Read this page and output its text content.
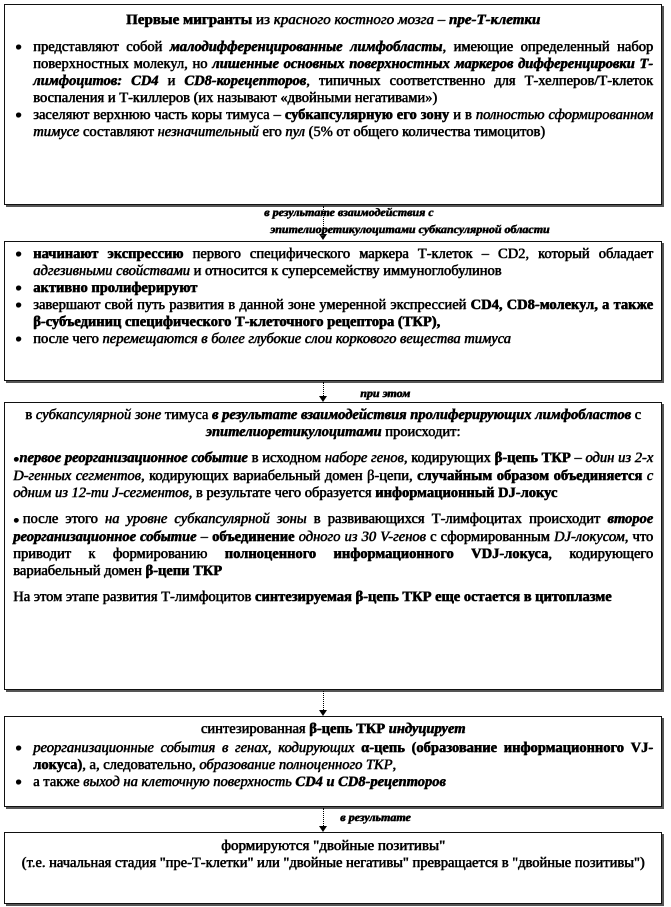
Первые мигранты из красного костного мозга – пре-Т-клетки
● представляют собой малодифференцированные лимфобласты, имеющие определенный набор поверхностных молекул, но лишенные основных поверхностных маркеров дифференцировки Т-лимфоцитов: CD4 и CD8-корецепторов, типичных соответственно для Т-хелперов/Т-клеток воспаления и Т-киллеров (их называют «двойными негативами»)
● заселяют верхнюю часть коры тимуса – субкапсулярную его зону и в полностью сформированном тимусе составляют незначительный его пул (5% от общего количества тимоцитов)
в результате взаимодействия с
эпителиоретикулоцитами субкапсулярной области
● начинают экспрессию первого специфического маркера Т-клеток – CD2, который обладает адгезивными свойствами и относится к суперсемейству иммуноглобулинов
● активно пролиферируют
● завершают свой путь развития в данной зоне умеренной экспрессией CD4, CD8-молекул, а также β-субъединиц специфического Т-клеточного рецептора (ТКР),
● после чего перемещаются в более глубокие слои коркового вещества тимуса
при этом

в субкапсулярной зоне тимуса в результате взаимодействия пролиферирующих лимфобластов с эпителиоретикулоцитами происходит:

●первое реорганизационное событие в исходном наборе генов, кодирующих β-цепь ТКР – один из 2-х D-генных сегментов, кодирующих вариабельный домен β-цепи, случайным образом объединяется с одним из 12-ти J-сегментов, в результате чего образуется информационный DJ-локус

●после этого на уровне субкапсулярной зоны в развивающихся Т-лимфоцитах происходит второе реорганизационное событие – объединение одного из 30 V-генов с сформированным DJ-локусом, что приводит к формированию полноценного информационного VDJ-локуса, кодирующего вариабельный домен β-цепи ТКР

На этом этапе развития Т-лимфоцитов синтезируемая β-цепь ТКР еще остается в цитоплазме

синтезированная β-цепь ТКР индуцирует
● реорганизационные события в генах, кодирующих α-цепь (образование информационного VJ-локуса), а, следовательно, образование полноценного ТКР,
● а также выход на клеточную поверхность CD4 и CD8-рецепторов
в результате
формируются "двойные позитивы"
(т.е. начальная стадия "пре-Т-клетки" или "двойные негативы" превращается в "двойные позитивы")
